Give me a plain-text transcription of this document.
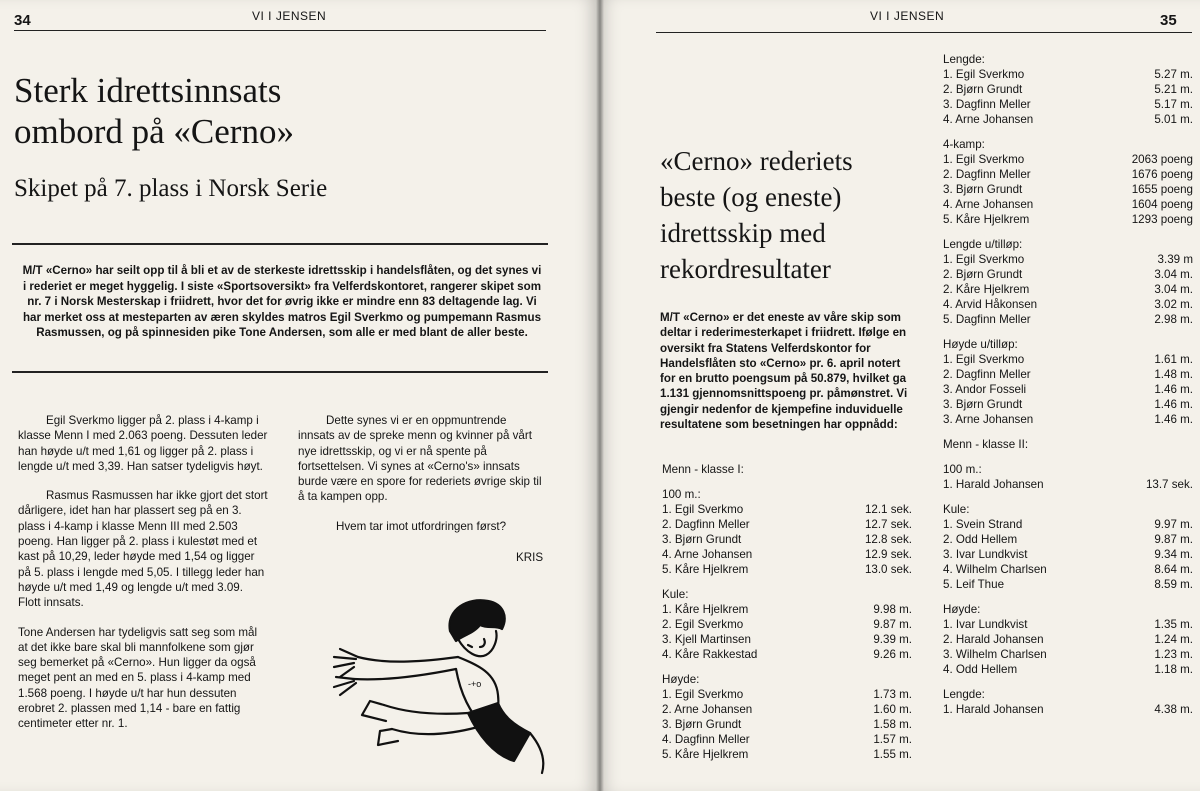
34	VI I JENSEN
Sterk idrettsinnsats
ombord på «Cerno»
Skipet på 7. plass i Norsk Serie
M/T «Cerno» har seilt opp til å bli et av de sterkeste idrettsskip i handelsflåten, og det synes vi i rederiet er meget hyggelig. I siste «Sportsoversikt» fra Velferdskontoret, rangerer skipet som nr. 7 i Norsk Mesterskap i friidrett, hvor det for øvrig ikke er mindre enn 83 deltagende lag. Vi har merket oss at mesteparten av æren skyldes matros Egil Sverkmo og pumpemann Rasmus Rasmussen, og på spinnesiden pike Tone Andersen, som alle er med blant de aller beste.

Egil Sverkmo ligger på 2. plass i 4-kamp i klasse Menn I med 2.063 poeng. Dessuten leder han høyde u/t med 1,61 og ligger på 2. plass i lengde u/t med 3,39. Han satser tydeligvis høyt.

Rasmus Rasmussen har ikke gjort det stort dårligere, idet han har plassert seg på en 3. plass i 4-kamp i klasse Menn III med 2.503 poeng. Han ligger på 2. plass i kulestøt med et kast på 10,29, leder høyde med 1,54 og ligger på 5. plass i lengde med 5,05. I tillegg leder han høyde u/t med 1,49 og lengde u/t med 3.09. Flott innsats.

Tone Andersen har tydeligvis satt seg som mål at det ikke bare skal bli mannfolkene som gjør seg bemerket på «Cerno». Hun ligger da også meget pent an med en 5. plass i 4-kamp med 1.568 poeng. I høyde u/t har hun dessuten erobret 2. plassen med 1,14 - bare en fattig centimeter etter nr. 1.

Dette synes vi er en oppmuntrende innsats av de spreke menn og kvinner på vårt nye idrettsskip, og vi er nå spente på fortsettelsen. Vi synes at «Cerno's» innsats burde være en spore for rederiets øvrige skip til å ta kampen opp.

Hvem tar imot utfordringen først?
KRIS
-+o
VI I JENSEN	35
«Cerno» rederiets
beste (og eneste)
idrettsskip med
rekordresultater
M/T «Cerno» er det eneste av våre skip som deltar i rederimesterkapet i friidrett. Ifølge en oversikt fra Statens Velferdskontor for Handelsflåten sto «Cerno» pr. 6. april notert for en brutto poengsum på 50.879, hvilket ga 1.131 gjennomsnittspoeng pr. påmønstret. Vi gjengir nedenfor de kjempefine induviduelle resultatene som besetningen har oppnådd:
Menn - klasse I:
100 m.:
1. Egil Sverkmo	12.1 sek.
2. Dagfinn Meller	12.7 sek.
3. Bjørn Grundt	12.8 sek.
4. Arne Johansen	12.9 sek.
5. Kåre Hjelkrem	13.0 sek.
Kule:
1. Kåre Hjelkrem	9.98 m.
2. Egil Sverkmo	9.87 m.
3. Kjell Martinsen	9.39 m.
4. Kåre Rakkestad	9.26 m.
Høyde:
1. Egil Sverkmo	1.73 m.
2. Arne Johansen	1.60 m.
3. Bjørn Grundt	1.58 m.
4. Dagfinn Meller	1.57 m.
5. Kåre Hjelkrem	1.55 m.
Lengde:
1. Egil Sverkmo	5.27 m.
2. Bjørn Grundt	5.21 m.
3. Dagfinn Meller	5.17 m.
4. Arne Johansen	5.01 m.
4-kamp:
1. Egil Sverkmo	2063 poeng
2. Dagfinn Meller	1676 poeng
3. Bjørn Grundt	1655 poeng
4. Arne Johansen	1604 poeng
5. Kåre Hjelkrem	1293 poeng
Lengde u/tilløp:
1. Egil Sverkmo	3.39 m
2. Bjørn Grundt	3.04 m.
2. Kåre Hjelkrem	3.04 m.
4. Arvid Håkonsen	3.02 m.
5. Dagfinn Meller	2.98 m.
Høyde u/tilløp:
1. Egil Sverkmo	1.61 m.
2. Dagfinn Meller	1.48 m.
3. Andor Fosseli	1.46 m.
3. Bjørn Grundt	1.46 m.
3. Arne Johansen	1.46 m.
Menn - klasse II:
100 m.:
1. Harald Johansen	13.7 sek.
Kule:
1. Svein Strand	9.97 m.
2. Odd Hellem	9.87 m.
3. Ivar Lundkvist	9.34 m.
4. Wilhelm Charlsen	8.64 m.
5. Leif Thue	8.59 m.
Høyde:
1. Ivar Lundkvist	1.35 m.
2. Harald Johansen	1.24 m.
3. Wilhelm Charlsen	1.23 m.
4. Odd Hellem	1.18 m.
Lengde:
1. Harald Johansen	4.38 m.
